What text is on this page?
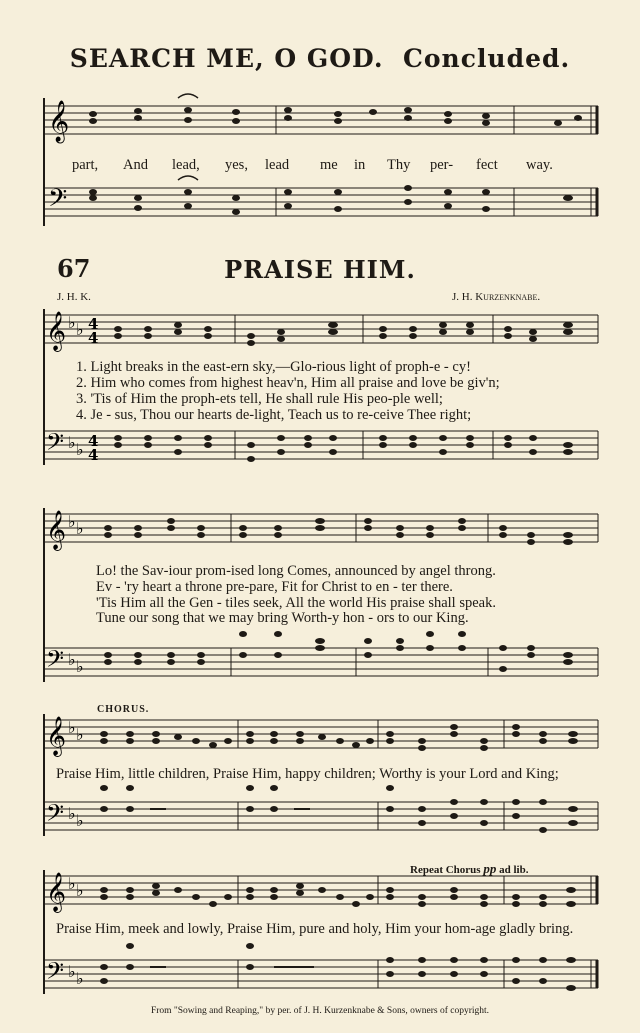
SEARCH ME, O GOD. Concluded.
𝄞
𝄢
part, And lead, yes, lead me in Thy per- fect way.
67	PRAISE HIM.
J. H. K.	J. H. Kurzenknabe.
𝄞 ♭ ♭ 4
4
𝄢 ♭ ♭
4
4
1. Light breaks in the east-ern sky,—Glo-rious light of proph-e - cy!
2. Him who comes from highest heav'n, Him all praise and love be giv'n;
3. 'Tis of Him the proph-ets tell, He shall rule His peo-ple well;
4. Je - sus, Thou our hearts de-light, Teach us to re-ceive Thee right;
𝄞 ♭ ♭
𝄢 ♭ ♭
Lo! the Sav-iour prom-ised long Comes, announced by angel throng.
Ev - 'ry heart a throne pre-pare, Fit for Christ to en - ter there.
'Tis Him all the Gen - tiles seek, All the world His praise shall speak.
Tune our song that we may bring Worth-y hon - ors to our King.
CHORUS.
𝄞 ♭ ♭
𝄢 ♭ ♭
Praise Him, little children, Praise Him, happy children; Worthy is your Lord and King;
Repeat Chorus pp ad lib.
𝄞 ♭ ♭
𝄢 ♭ ♭
Praise Him, meek and lowly, Praise Him, pure and holy, Him your hom-age gladly bring.
From "Sowing and Reaping," by per. of J. H. Kurzenknabe & Sons, owners of copyright.
